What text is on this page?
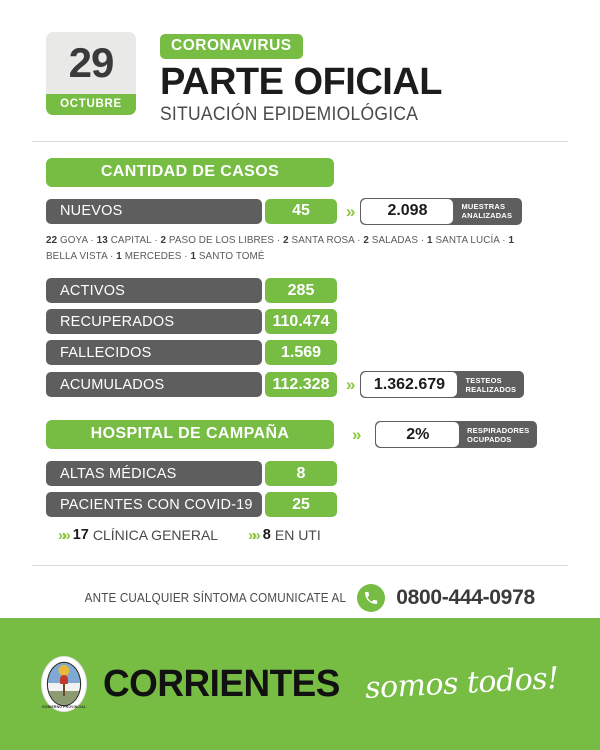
29
OCTUBRE
CORONAVIRUS
PARTE OFICIAL
SITUACIÓN EPIDEMIOLÓGICA
CANTIDAD DE CASOS
NUEVOS	45	»	2.098	MUESTRAS
ANALIZADAS
22 GOYA · 13 CAPITAL · 2 PASO DE LOS LIBRES · 2 SANTA ROSA · 2 SALADAS · 1 SANTA LUCÍA · 1 BELLA VISTA · 1 MERCEDES · 1 SANTO TOMÉ
ACTIVOS	285
RECUPERADOS	110.474
FALLECIDOS	1.569
ACUMULADOS	112.328 »	1.362.679	TESTEOS
REALIZADOS
HOSPITAL DE CAMPAÑA	»	2%	RESPIRADORES
OCUPADOS
ALTAS MÉDICAS	8
PACIENTES CON COVID-19	25
»» 17 CLÍNICA GENERAL »» 8 EN UTI
ANTE CUALQUIER SÍNTOMA COMUNICATE AL 0800-444-0978
GOBIERNO PROVINCIAL
CORRIENTES somos todos!
